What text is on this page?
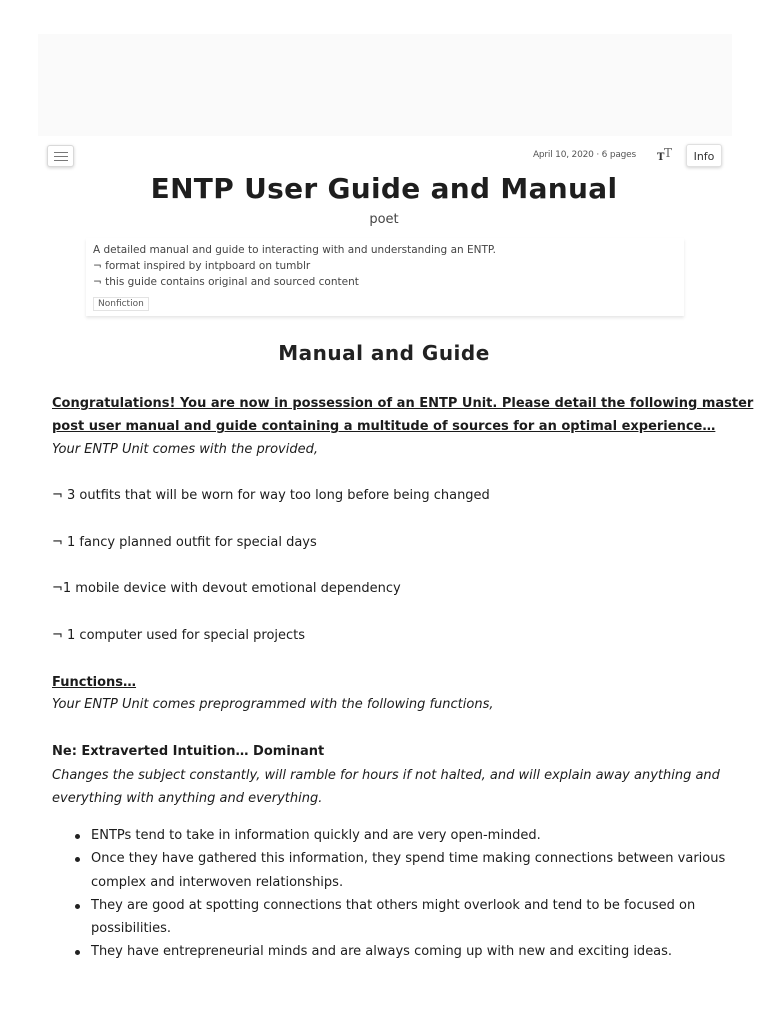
April 10, 2020 · 6 pages T T	Info
ENTP User Guide and Manual
poet
A detailed manual and guide to interacting with and understanding an ENTP.
¬ format inspired by intpboard on tumblr
¬ this guide contains original and sourced content
Nonfiction
Manual and Guide
Congratulations! You are now in possession of an ENTP Unit. Please detail the following master
post user manual and guide containing a multitude of sources for an optimal experience…
Your ENTP Unit comes with the provided,
¬ 3 outfits that will be worn for way too long before being changed
¬ 1 fancy planned outfit for special days
¬1 mobile device with devout emotional dependency
¬ 1 computer used for special projects
Functions…
Your ENTP Unit comes preprogrammed with the following functions,
Ne: Extraverted Intuition… Dominant
Changes the subject constantly, will ramble for hours if not halted, and will explain away anything and
everything with anything and everything.
ENTPs tend to take in information quickly and are very open-minded.
Once they have gathered this information, they spend time making connections between various
complex and interwoven relationships.
They are good at spotting connections that others might overlook and tend to be focused on
possibilities.
They have entrepreneurial minds and are always coming up with new and exciting ideas.
